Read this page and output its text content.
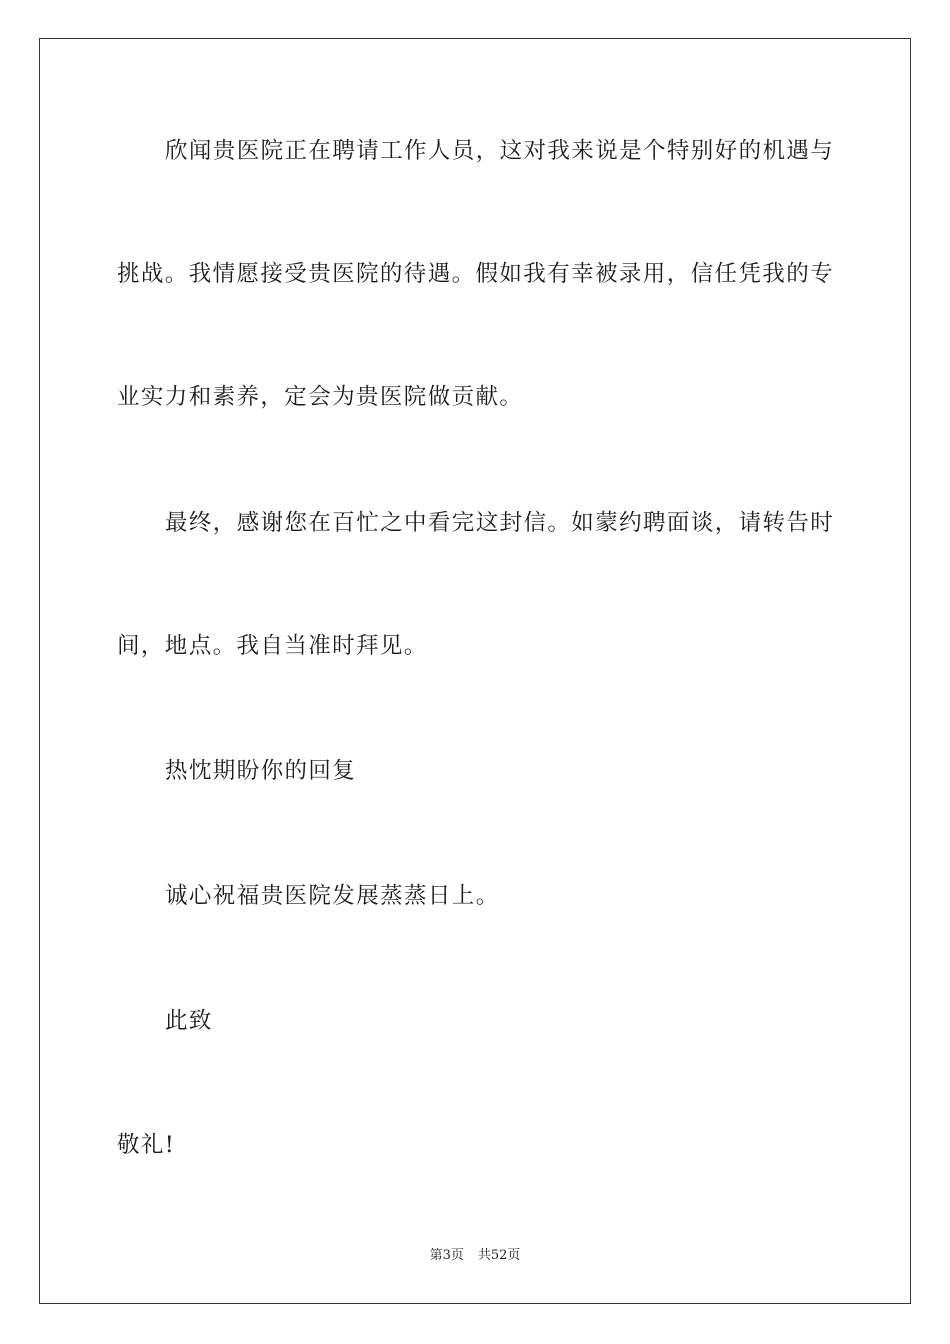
欣闻贵医院正在聘请工作人员，这对我来说是个特别好的机遇与
挑战。我情愿接受贵医院的待遇。假如我有幸被录用，信任凭我的专
业实力和素养，定会为贵医院做贡献。
最终，感谢您在百忙之中看完这封信。如蒙约聘面谈，请转告时
间，地点。我自当准时拜见。
热忱期盼你的回复
诚心祝福贵医院发展蒸蒸日上。
此致
敬礼!
第3页 共52页
